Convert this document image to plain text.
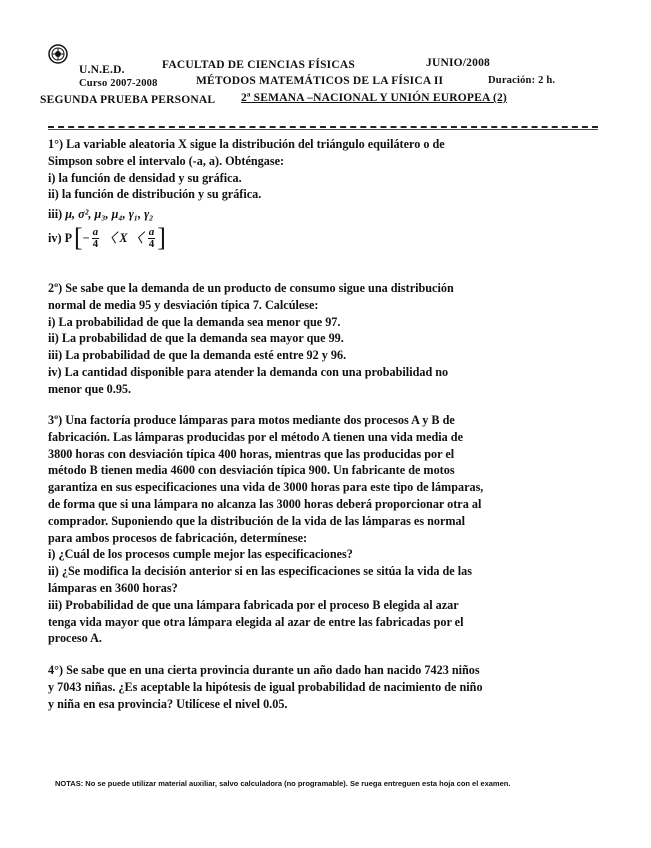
U.N.E.D.	FACULTAD DE CIENCIAS FÍSICAS	JUNIO/2008
Curso 2007-2008	MÉTODOS MATEMÁTICOS DE LA FÍSICA II	Duración: 2 h.
SEGUNDA PRUEBA PERSONAL 2ª SEMANA –NACIONAL Y UNIÓN EUROPEA (2)
1°) La variable aleatoria X sigue la distribución del triángulo equilátero o de
Simpson sobre el intervalo (-a, a). Obténgase:
i) la función de densidad y su gráfica.
ii) la función de distribución y su gráfica.
iii) μ, σ², μ₃, μ₄, γ₁, γ₂
iv) P [ − $\frac{a}{4}$ 〈 X 〈 $\frac{a}{4}$ ]
2º) Se sabe que la demanda de un producto de consumo sigue una distribución
normal de media 95 y desviación típica 7. Calcúlese:
i) La probabilidad de que la demanda sea menor que 97.
ii) La probabilidad de que la demanda sea mayor que 99.
iii) La probabilidad de que la demanda esté entre 92 y 96.
iv) La cantidad disponible para atender la demanda con una probabilidad no
menor que 0.95.
3º) Una factoría produce lámparas para motos mediante dos procesos A y B de
fabricación. Las lámparas producidas por el método A tienen una vida media de
3800 horas con desviación típica 400 horas, mientras que las producidas por el
método B tienen media 4600 con desviación típica 900. Un fabricante de motos
garantiza en sus especificaciones una vida de 3000 horas para este tipo de lámparas,
de forma que si una lámpara no alcanza las 3000 horas deberá proporcionar otra al
comprador. Suponiendo que la distribución de la vida de las lámparas es normal
para ambos procesos de fabricación, determínese:
i) ¿Cuál de los procesos cumple mejor las especificaciones?
ii) ¿Se modifica la decisión anterior si en las especificaciones se sitúa la vida de las
lámparas en 3600 horas?
iii) Probabilidad de que una lámpara fabricada por el proceso B elegida al azar
tenga vida mayor que otra lámpara elegida al azar de entre las fabricadas por el
proceso A.
4°) Se sabe que en una cierta provincia durante un año dado han nacido 7423 niños
y 7043 niñas. ¿Es aceptable la hipótesis de igual probabilidad de nacimiento de niño
y niña en esa provincia? Utilícese el nivel 0.05.
NOTAS: No se puede utilizar material auxiliar, salvo calculadora (no programable). Se ruega entreguen esta hoja con el examen.
